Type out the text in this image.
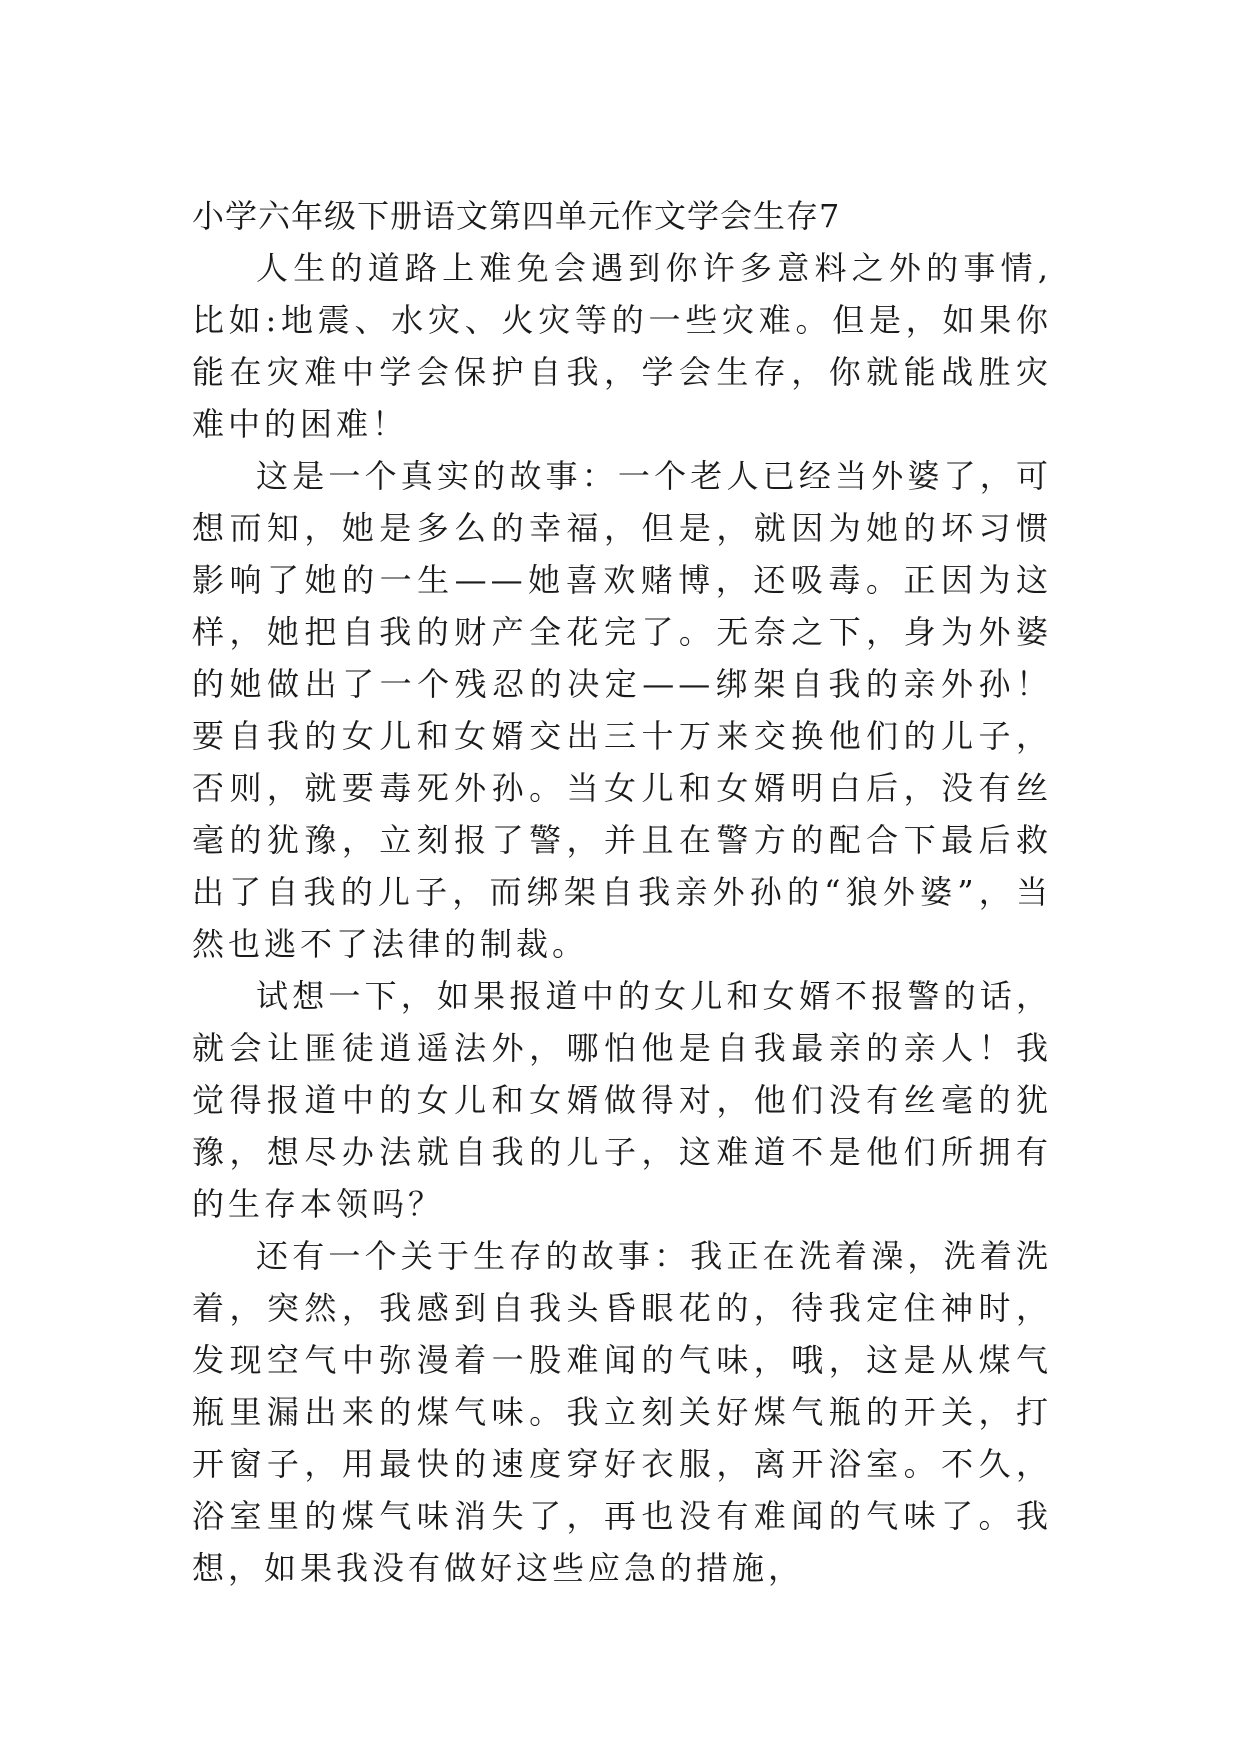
小学六年级下册语文第四单元作文学会生存7

人生的道路上难免会遇到你许多意料之外的事情,比如:地震、水灾、火灾等的一些灾难。但是，如果你能在灾难中学会保护自我，学会生存，你就能战胜灾难中的困难！

这是一个真实的故事：一个老人已经当外婆了，可想而知，她是多么的幸福，但是，就因为她的坏习惯影响了她的一生——她喜欢赌博，还吸毒。正因为这样，她把自我的财产全花完了。无奈之下，身为外婆的她做出了一个残忍的决定——绑架自我的亲外孙！要自我的女儿和女婿交出三十万来交换他们的儿子，否则，就要毒死外孙。当女儿和女婿明白后，没有丝毫的犹豫，立刻报了警，并且在警方的配合下最后救出了自我的儿子，而绑架自我亲外孙的“狼外婆”，当然也逃不了法律的制裁。

试想一下，如果报道中的女儿和女婿不报警的话，就会让匪徒逍遥法外，哪怕他是自我最亲的亲人！我觉得报道中的女儿和女婿做得对，他们没有丝毫的犹豫，想尽办法就自我的儿子，这难道不是他们所拥有的生存本领吗？

还有一个关于生存的故事：我正在洗着澡，洗着洗着，突然，我感到自我头昏眼花的，待我定住神时，发现空气中弥漫着一股难闻的气味，哦，这是从煤气瓶里漏出来的煤气味。我立刻关好煤气瓶的开关，打开窗子，用最快的速度穿好衣服，离开浴室。不久，浴室里的煤气味消失了，再也没有难闻的气味了。我想，如果我没有做好这些应急的措施，
